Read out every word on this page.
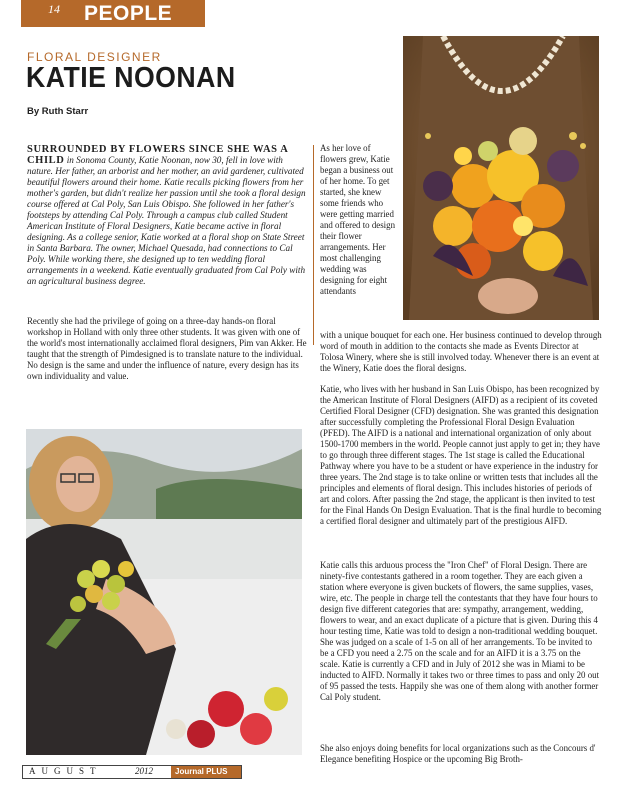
14 PEOPLE
FLORAL DESIGNER
KATIE NOONAN
By Ruth Starr

SURROUNDED BY FLOWERS SINCE SHE WAS A CHILD in Sonoma County, Katie Noonan, now 30, fell in love with nature. Her father, an arborist and her mother, an avid gardener, cultivated beautiful flowers around their home. Katie recalls picking flowers from her mother's garden, but didn't realize her passion until she took a floral design course offered at Cal Poly, San Luis Obispo. She followed in her father's footsteps by attending Cal Poly. Through a campus club called Student American Institute of Floral Designers, Katie became active in floral designing. As a college senior, Katie worked at a floral shop on State Street in Santa Barbara. The owner, Michael Quesada, had connections to Cal Poly. While working there, she designed up to ten wedding floral arrangements in a weekend. Katie eventually graduated from Cal Poly with an agricultural business degree.

Recently she had the privilege of going on a three-day hands-on floral workshop in Holland with only three other students. It was given with one of the world's most internationally acclaimed floral designers, Pim van Akker. He taught that the strength of Pimdesigned is to translate nature to the individual. No design is the same and under the influence of nature, every design has its own individuality and value.

As her love of flowers grew, Katie began a business out of her home. To get started, she knew some friends who were getting married and offered to design their flower arrangements. Her most challenging wedding was designing for eight attendants

with a unique bouquet for each one. Her business continued to develop through word of mouth in addition to the contacts she made as Events Director at Tolosa Winery, where she is still involved today. Whenever there is an event at the Winery, Katie does the floral designs.

Katie, who lives with her husband in San Luis Obispo, has been recognized by the American Institute of Floral Designers (AIFD) as a recipient of its coveted Certified Floral Designer (CFD) designation. She was granted this designation after successfully completing the Professional Floral Design Evaluation (PFED). The AIFD is a national and international organization of only about 1500-1700 members in the world. People cannot just apply to get in; they have to go through three different stages. The 1st stage is called the Educational Pathway where you have to be a student or have experience in the industry for three years. The 2nd stage is to take online or written tests that includes all the principles and elements of floral design. This includes histories of periods of art and colors. After passing the 2nd stage, the applicant is then invited to test for the Final Hands On Design Evaluation. That is the final hurdle to becoming a certified floral designer and ultimately part of the prestigious AIFD.

Katie calls this arduous process the "Iron Chef" of Floral Design. There are ninety-five contestants gathered in a room together. They are each given a station where everyone is given buckets of flowers, the same supplies, vases, wire, etc. The people in charge tell the contestants that they have four hours to design five different categories that are: sympathy, arrangement, wedding, flowers to wear, and an exact duplicate of a picture that is given. During this 4 hour testing time, Katie was told to design a non-traditional wedding bouquet. She was judged on a scale of 1-5 on all of her arrangements. To be invited to be a CFD you need a 2.75 on the scale and for an AIFD it is a 3.75 on the scale. Katie is currently a CFD and in July of 2012 she was in Miami to be inducted to AIFD. Normally it takes two or three times to pass and only 20 out of 95 passed the tests. Happily she was one of them along with another former Cal Poly student.

She also enjoys doing benefits for local organizations such as the Concours d' Elegance benefiting Hospice or the upcoming Big Broth-

AUGUST	2012	Journal PLUS
